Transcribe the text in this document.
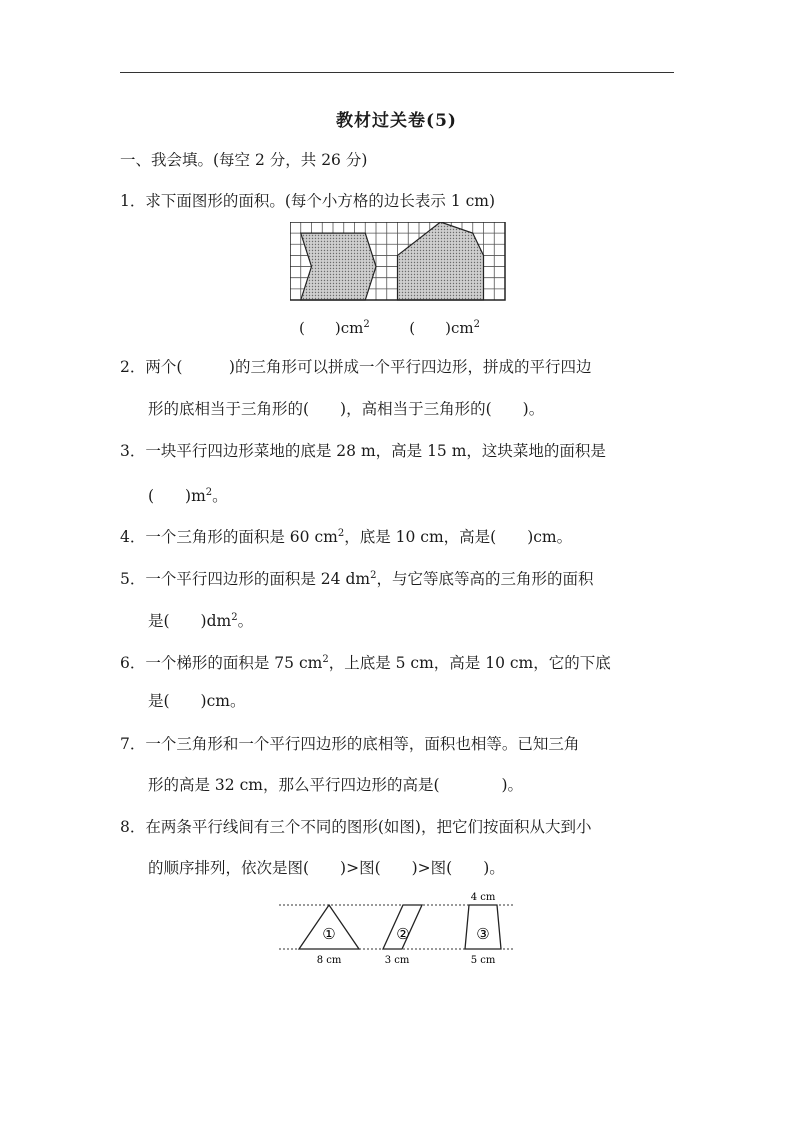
教材过关卷(5)
一、我会填。(每空 2 分，共 26 分)
1．求下面图形的面积。(每个小方格的边长表示 1 cm)
(　　)$cm^2$	(　　)$cm^2$
2．两个(　　　)的三角形可以拼成一个平行四边形，拼成的平行四边
形的底相当于三角形的(　　)，高相当于三角形的(　　)。
3．一块平行四边形菜地的底是 28 m，高是 15 m，这块菜地的面积是
(　　)$m^2$。
4．一个三角形的面积是 60 $cm^2$，底是 10 cm，高是(　　)cm。
5．一个平行四边形的面积是 24 $dm^2$，与它等底等高的三角形的面积
是(　　)$dm^2$。
6．一个梯形的面积是 75 $cm^2$，上底是 5 cm，高是 10 cm，它的下底
是(　　)cm。
7．一个三角形和一个平行四边形的底相等，面积也相等。已知三角
形的高是 32 cm，那么平行四边形的高是(　　　　)。
8．在两条平行线间有三个不同的图形(如图)，把它们按面积从大到小
的顺序排列，依次是图(　　)>图(　　)>图(　　)。
①	②	③
4 cm
8 cm	3 cm	5 cm
